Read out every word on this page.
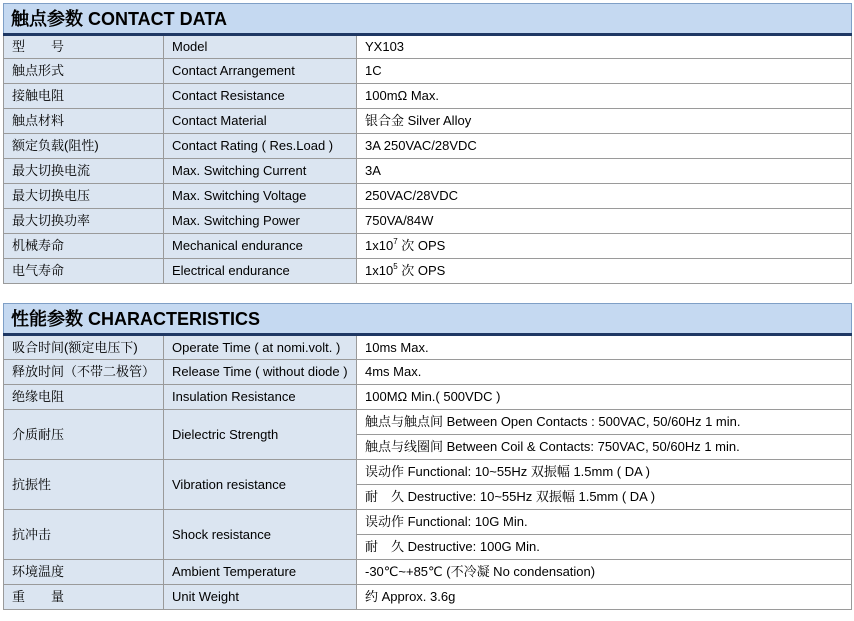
触点参数 CONTACT DATA		
型　　号	Model	YX103
触点形式	Contact Arrangement	1C
接触电阻	Contact Resistance	100mΩ Max.
触点材料	Contact Material	银合金 Silver Alloy
额定负载(阻性)	Contact Rating ( Res.Load )	3A 250VAC/28VDC
最大切换电流	Max. Switching Current	3A
最大切换电压	Max. Switching Voltage	250VAC/28VDC
最大切换功率	Max. Switching Power	750VA/84W
机械寿命	Mechanical endurance	$1x10^7$ 次 OPS
电气寿命	Electrical endurance	$1x10^5$ 次 OPS
性能参数 CHARACTERISTICS		
吸合时间(额定电压下)	Operate Time ( at nomi.volt. )	10ms Max.
释放时间（不带二极管）	Release Time ( without diode )	4ms Max.
绝缘电阻	Insulation Resistance	100MΩ Min.( 500VDC )
介质耐压	Dielectric Strength	触点与触点间 Between Open Contacts : 500VAC, 50/60Hz 1 min.
		触点与线圈间 Between Coil & Contacts: 750VAC, 50/60Hz 1 min.
抗振性	Vibration resistance	误动作 Functional: 10~55Hz 双振幅 1.5mm ( DA )
		耐　久 Destructive: 10~55Hz 双振幅 1.5mm ( DA )
抗冲击	Shock resistance	误动作 Functional: 10G Min.
		耐　久 Destructive: 100G Min.
环境温度	Ambient Temperature	-30℃~+85℃ (不冷凝 No condensation)
重　　量	Unit Weight	约 Approx. 3.6g
